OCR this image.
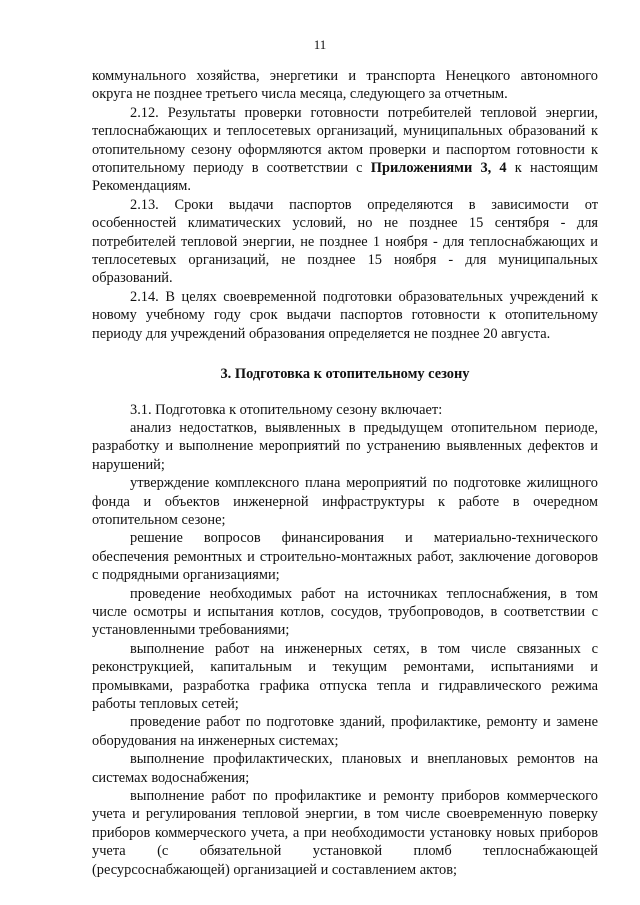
11

коммунального хозяйства, энергетики и транспорта Ненецкого автономного округа не позднее третьего числа месяца, следующего за отчетным.

2.12. Результаты проверки готовности потребителей тепловой энергии, теплоснабжающих и теплосетевых организаций, муниципальных образований к отопительному сезону оформляются актом проверки и паспортом готовности к отопительному периоду в соответствии с Приложениями 3, 4 к настоящим Рекомендациям.

2.13. Сроки выдачи паспортов определяются в зависимости от особенностей климатических условий, но не позднее 15 сентября - для потребителей тепловой энергии, не позднее 1 ноября - для теплоснабжающих и теплосетевых организаций, не позднее 15 ноября - для муниципальных образований.

2.14. В целях своевременной подготовки образовательных учреждений к новому учебному году срок выдачи паспортов готовности к отопительному периоду для учреждений образования определяется не позднее 20 августа.

3. Подготовка к отопительному сезону

3.1. Подготовка к отопительному сезону включает:

анализ недостатков, выявленных в предыдущем отопительном периоде, разработку и выполнение мероприятий по устранению выявленных дефектов и нарушений;

утверждение комплексного плана мероприятий по подготовке жилищного фонда и объектов инженерной инфраструктуры к работе в очередном отопительном сезоне;

решение вопросов финансирования и материально-технического обеспечения ремонтных и строительно-монтажных работ, заключение договоров с подрядными организациями;

проведение необходимых работ на источниках теплоснабжения, в том числе осмотры и испытания котлов, сосудов, трубопроводов, в соответствии с установленными требованиями;

выполнение работ на инженерных сетях, в том числе связанных с реконструкцией, капитальным и текущим ремонтами, испытаниями и промывками, разработка графика отпуска тепла и гидравлического режима работы тепловых сетей;

проведение работ по подготовке зданий, профилактике, ремонту и замене оборудования на инженерных системах;

выполнение профилактических, плановых и внеплановых ремонтов на системах водоснабжения;

выполнение работ по профилактике и ремонту приборов коммерческого учета и регулирования тепловой энергии, в том числе своевременную поверку приборов коммерческого учета, а при необходимости установку новых приборов учета (с обязательной установкой пломб теплоснабжающей (ресурсоснабжающей) организацией и составлением актов;
